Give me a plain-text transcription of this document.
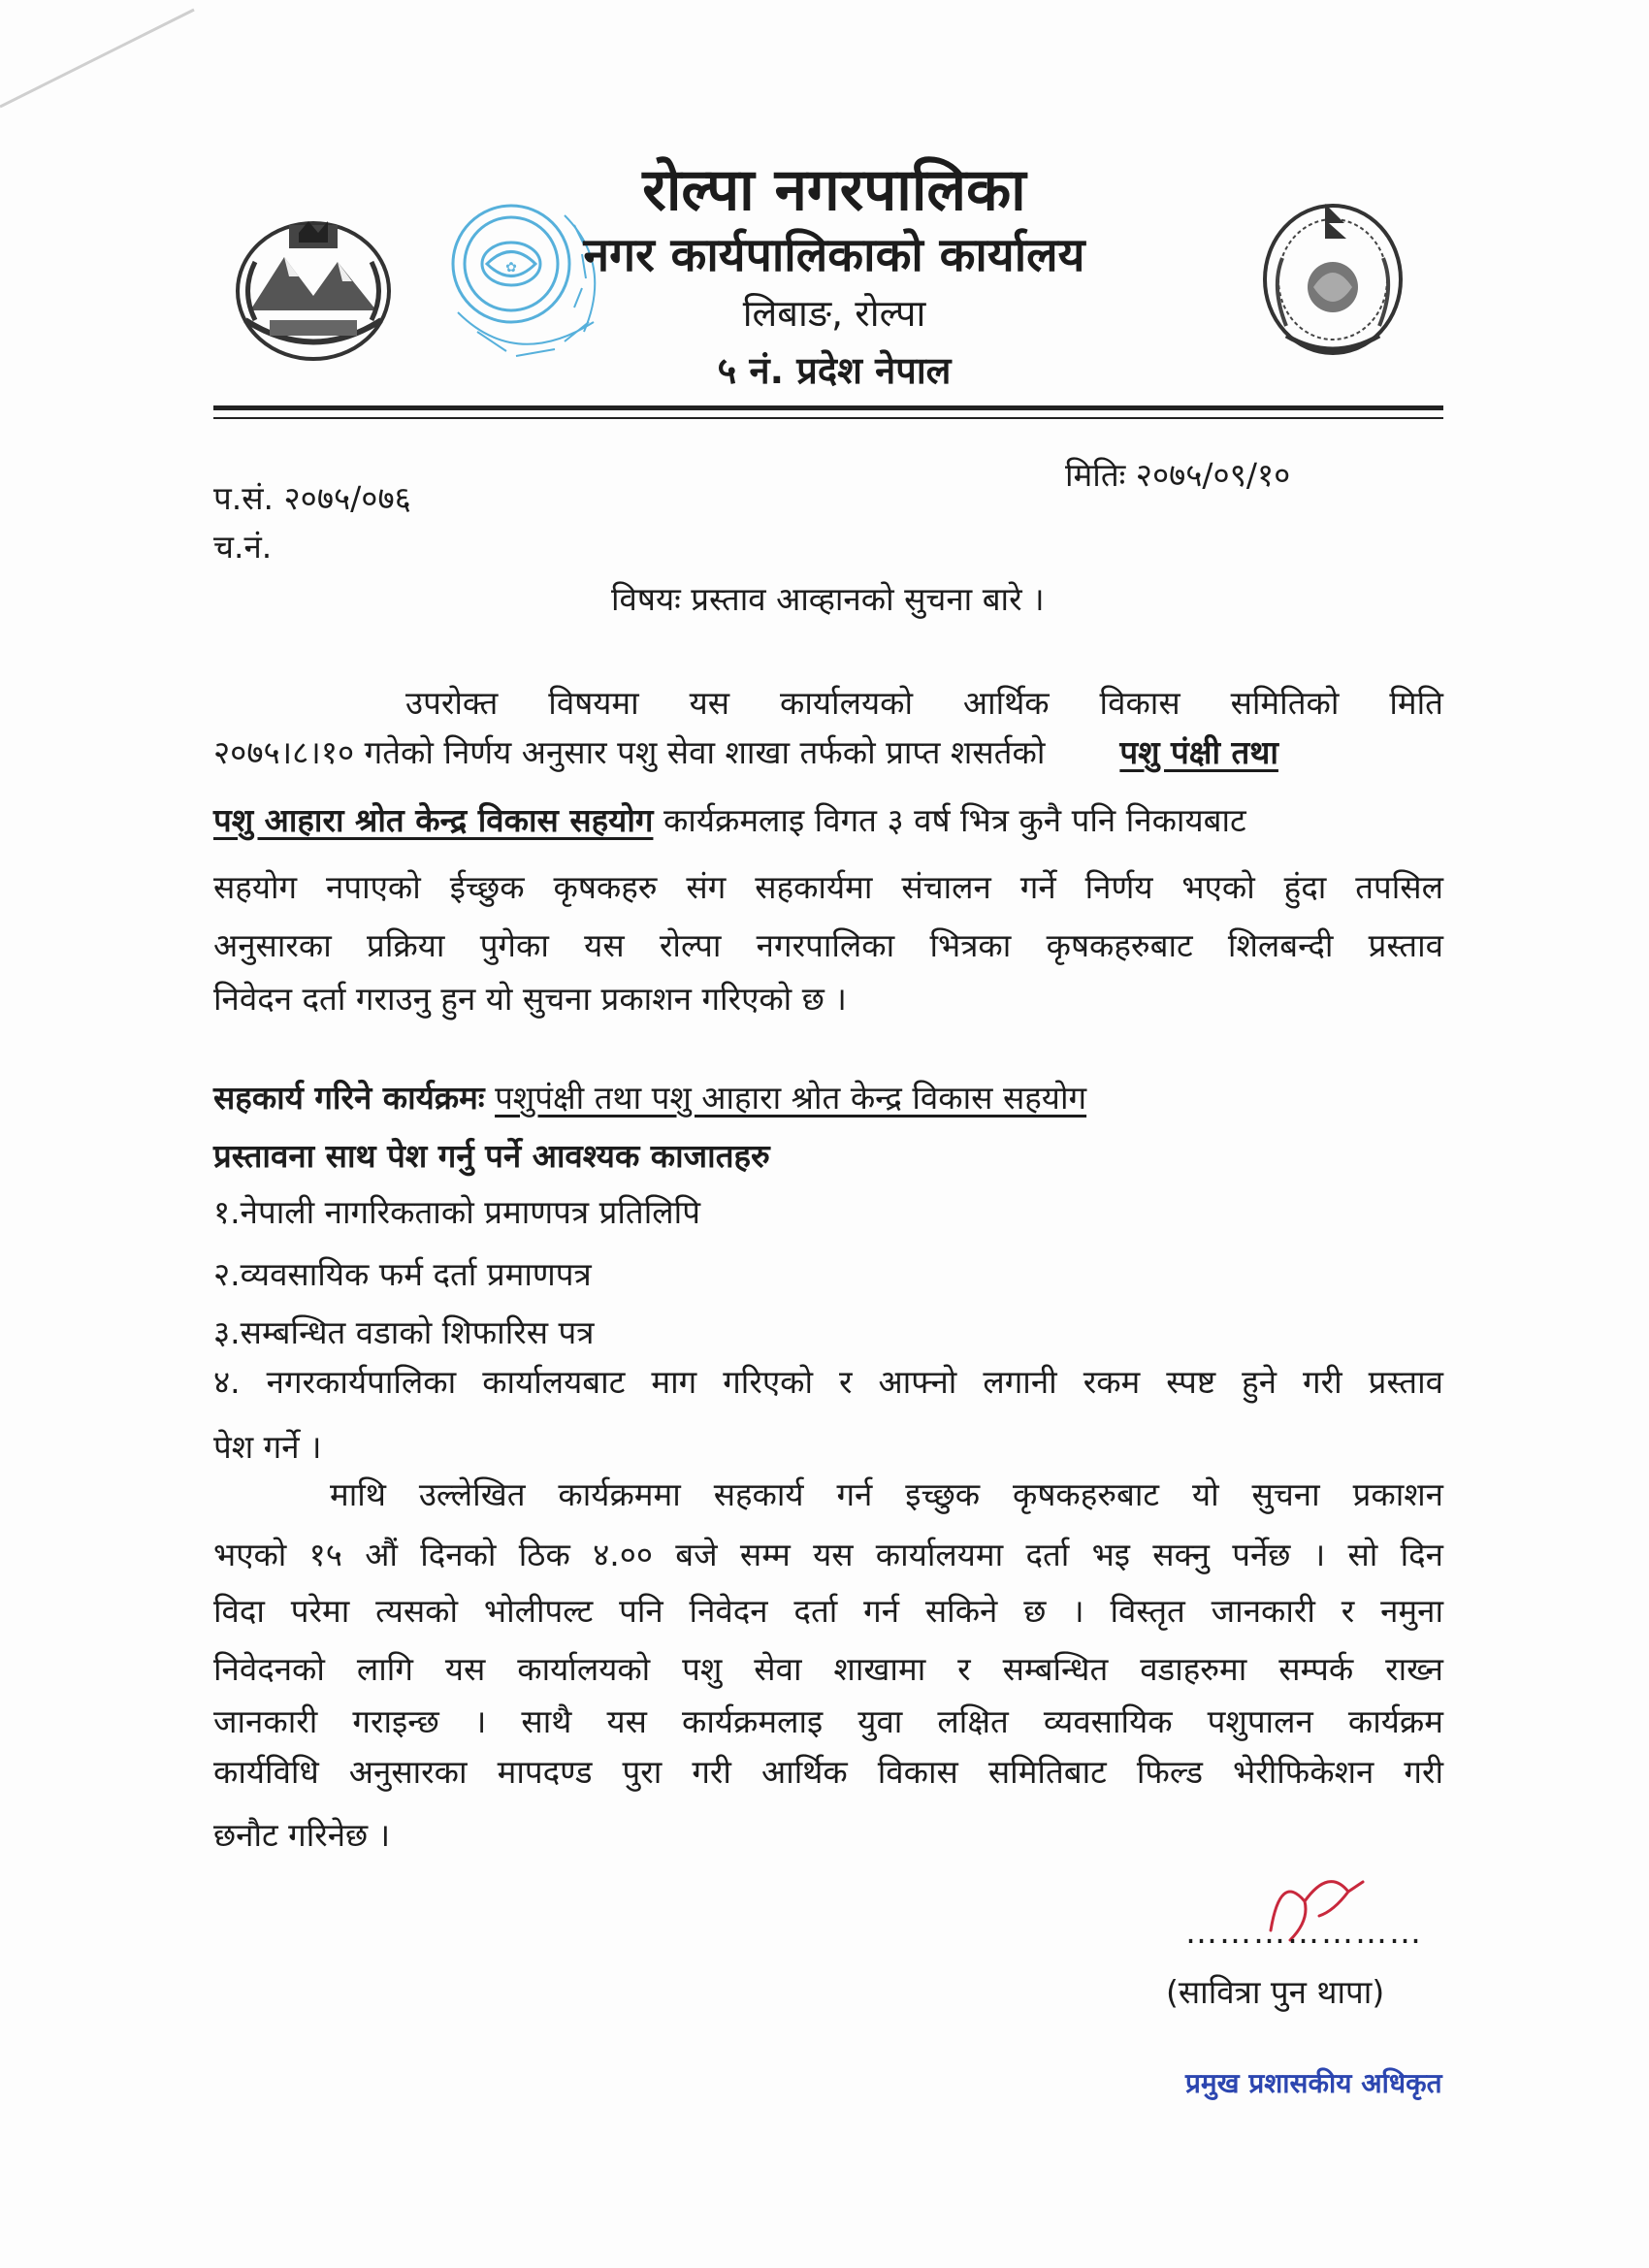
✿
रोल्पा नगरपालिका
नगर कार्यपालिकाको कार्यालय
लिबाङ, रोल्पा
५ नं. प्रदेश नेपाल
प.सं. २०७५/०७६
मितिः २०७५/०९/१०
च.नं.
विषयः प्रस्ताव आव्हानको सुचना बारे ।
उपरोक्त विषयमा यस कार्यालयको आर्थिक विकास समितिको मिति
२०७५।८।१० गतेको निर्णय अनुसार पशु सेवा शाखा तर्फको प्राप्त शसर्तको पशु पंक्षी तथा
पशु आहारा श्रोत केन्द्र विकास सहयोग कार्यक्रमलाइ विगत ३ वर्ष भित्र कुनै पनि निकायबाट
सहयोग नपाएको ईच्छुक कृषकहरु संग सहकार्यमा संचालन गर्ने निर्णय भएको हुंदा तपसिल
अनुसारका प्रक्रिया पुगेका यस रोल्पा नगरपालिका भित्रका कृषकहरुबाट शिलबन्दी प्रस्ताव
निवेदन दर्ता गराउनु हुन यो सुचना प्रकाशन गरिएको छ ।
सहकार्य गरिने कार्यक्रमः पशुपंक्षी तथा पशु आहारा श्रोत केन्द्र विकास सहयोग
प्रस्तावना साथ पेश गर्नु पर्ने आवश्यक काजातहरु
१.नेपाली नागरिकताको प्रमाणपत्र प्रतिलिपि
२.व्यवसायिक फर्म दर्ता प्रमाणपत्र
३.सम्बन्धित वडाको शिफारिस पत्र
४. नगरकार्यपालिका कार्यालयबाट माग गरिएको र आफ्नो लगानी रकम स्पष्ट हुने गरी प्रस्ताव
पेश गर्ने ।
माथि उल्लेखित कार्यक्रममा सहकार्य गर्न इच्छुक कृषकहरुबाट यो सुचना प्रकाशन
भएको १५ औं दिनको ठिक ४.०० बजे सम्म यस कार्यालयमा दर्ता भइ सक्नु पर्नेछ । सो दिन
विदा परेमा त्यसको भोलीपल्ट पनि निवेदन दर्ता गर्न सकिने छ । विस्तृत जानकारी र नमुना
निवेदनको लागि यस कार्यालयको पशु सेवा शाखामा र सम्बन्धित वडाहरुमा सम्पर्क राख्न
जानकारी गराइन्छ । साथै यस कार्यक्रमलाइ युवा लक्षित व्यवसायिक पशुपालन कार्यक्रम
कार्यविधि अनुसारका मापदण्ड पुरा गरी आर्थिक विकास समितिबाट फिल्ड भेरीफिकेशन गरी
छनौट गरिनेछ ।
…………………
(सावित्रा पुन थापा)
प्रमुख प्रशासकीय अधिकृत
